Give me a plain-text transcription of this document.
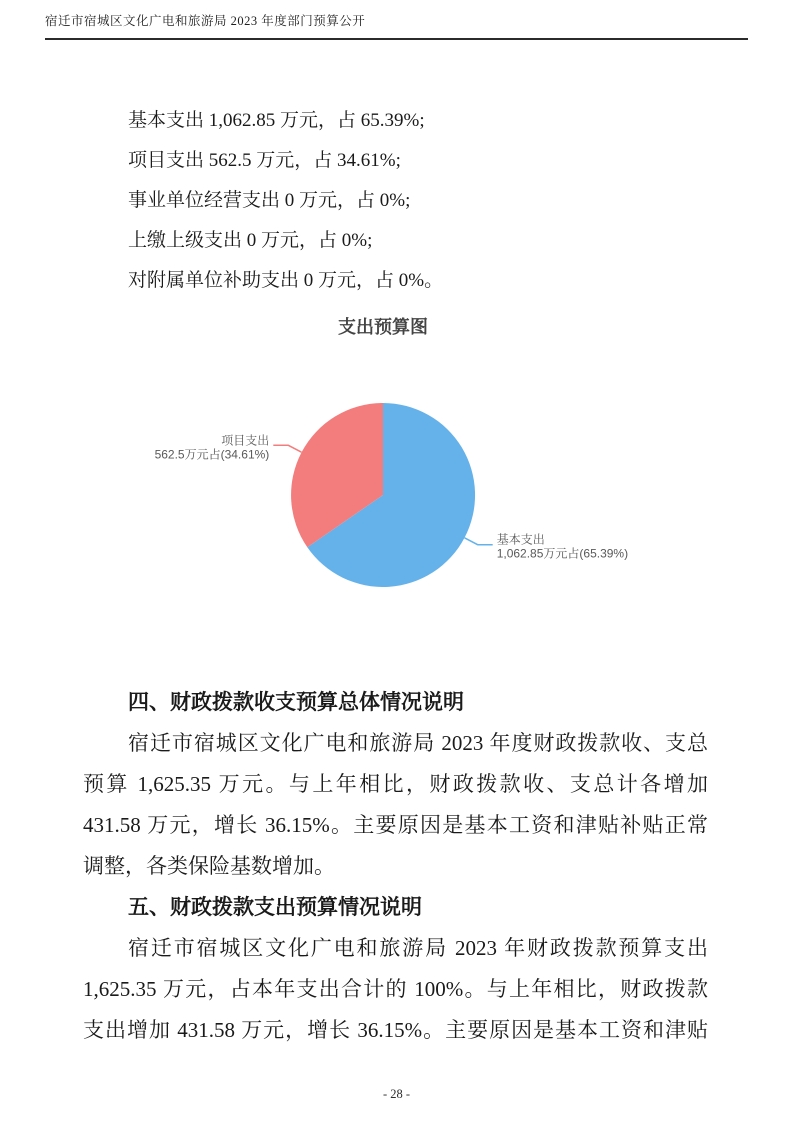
宿迁市宿城区文化广电和旅游局 2023 年度部门预算公开
基本支出 1,062.85 万元，占 65.39%;
项目支出 562.5 万元，占 34.61%;
事业单位经营支出 0 万元，占 0%;
上缴上级支出 0 万元，占 0%;
对附属单位补助支出 0 万元，占 0%。
支出预算图
基本支出
1,062.85万元占(65.39%)
项目支出
562.5万元占(34.61%)
四、财政拨款收支预算总体情况说明
宿迁市宿城区文化广电和旅游局 2023 年度财政拨款收、支总
预算 1,625.35 万元。与上年相比，财政拨款收、支总计各增加
431.58 万元，增长 36.15%。主要原因是基本工资和津贴补贴正常
调整，各类保险基数增加。
五、财政拨款支出预算情况说明
宿迁市宿城区文化广电和旅游局 2023 年财政拨款预算支出
1,625.35 万元，占本年支出合计的 100%。与上年相比，财政拨款
支出增加 431.58 万元，增长 36.15%。主要原因是基本工资和津贴
- 28 -
